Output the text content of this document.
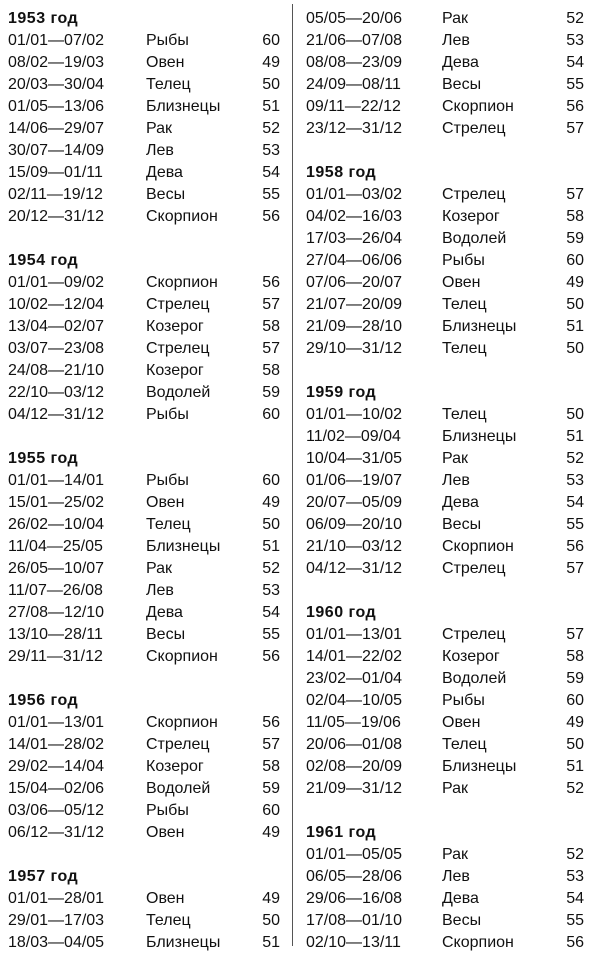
1953 год
01/01—07/02	Рыбы	60
08/02—19/03	Овен	49
20/03—30/04	Телец	50
01/05—13/06	Близнецы	51
14/06—29/07	Рак	52
30/07—14/09	Лев	53
15/09—01/11	Дева	54
02/11—19/12	Весы	55
20/12—31/12	Скорпион	56
1954 год
01/01—09/02	Скорпион	56
10/02—12/04	Стрелец	57
13/04—02/07	Козерог	58
03/07—23/08	Стрелец	57
24/08—21/10	Козерог	58
22/10—03/12	Водолей	59
04/12—31/12	Рыбы	60
1955 год
01/01—14/01	Рыбы	60
15/01—25/02	Овен	49
26/02—10/04	Телец	50
11/04—25/05	Близнецы	51
26/05—10/07	Рак	52
11/07—26/08	Лев	53
27/08—12/10	Дева	54
13/10—28/11	Весы	55
29/11—31/12	Скорпион	56
1956 год
01/01—13/01	Скорпион	56
14/01—28/02	Стрелец	57
29/02—14/04	Козерог	58
15/04—02/06	Водолей	59
03/06—05/12	Рыбы	60
06/12—31/12	Овен	49
1957 год
01/01—28/01	Овен	49
29/01—17/03	Телец	50
18/03—04/05	Близнецы	51
05/05—20/06	Рак	52
21/06—07/08	Лев	53
08/08—23/09	Дева	54
24/09—08/11	Весы	55
09/11—22/12	Скорпион	56
23/12—31/12	Стрелец	57
1958 год
01/01—03/02	Стрелец	57
04/02—16/03	Козерог	58
17/03—26/04	Водолей	59
27/04—06/06	Рыбы	60
07/06—20/07	Овен	49
21/07—20/09	Телец	50
21/09—28/10	Близнецы	51
29/10—31/12	Телец	50
1959 год
01/01—10/02	Телец	50
11/02—09/04	Близнецы	51
10/04—31/05	Рак	52
01/06—19/07	Лев	53
20/07—05/09	Дева	54
06/09—20/10	Весы	55
21/10—03/12	Скорпион	56
04/12—31/12	Стрелец	57
1960 год
01/01—13/01	Стрелец	57
14/01—22/02	Козерог	58
23/02—01/04	Водолей	59
02/04—10/05	Рыбы	60
11/05—19/06	Овен	49
20/06—01/08	Телец	50
02/08—20/09	Близнецы	51
21/09—31/12	Рак	52
1961 год
01/01—05/05	Рак	52
06/05—28/06	Лев	53
29/06—16/08	Дева	54
17/08—01/10	Весы	55
02/10—13/11	Скорпион	56
